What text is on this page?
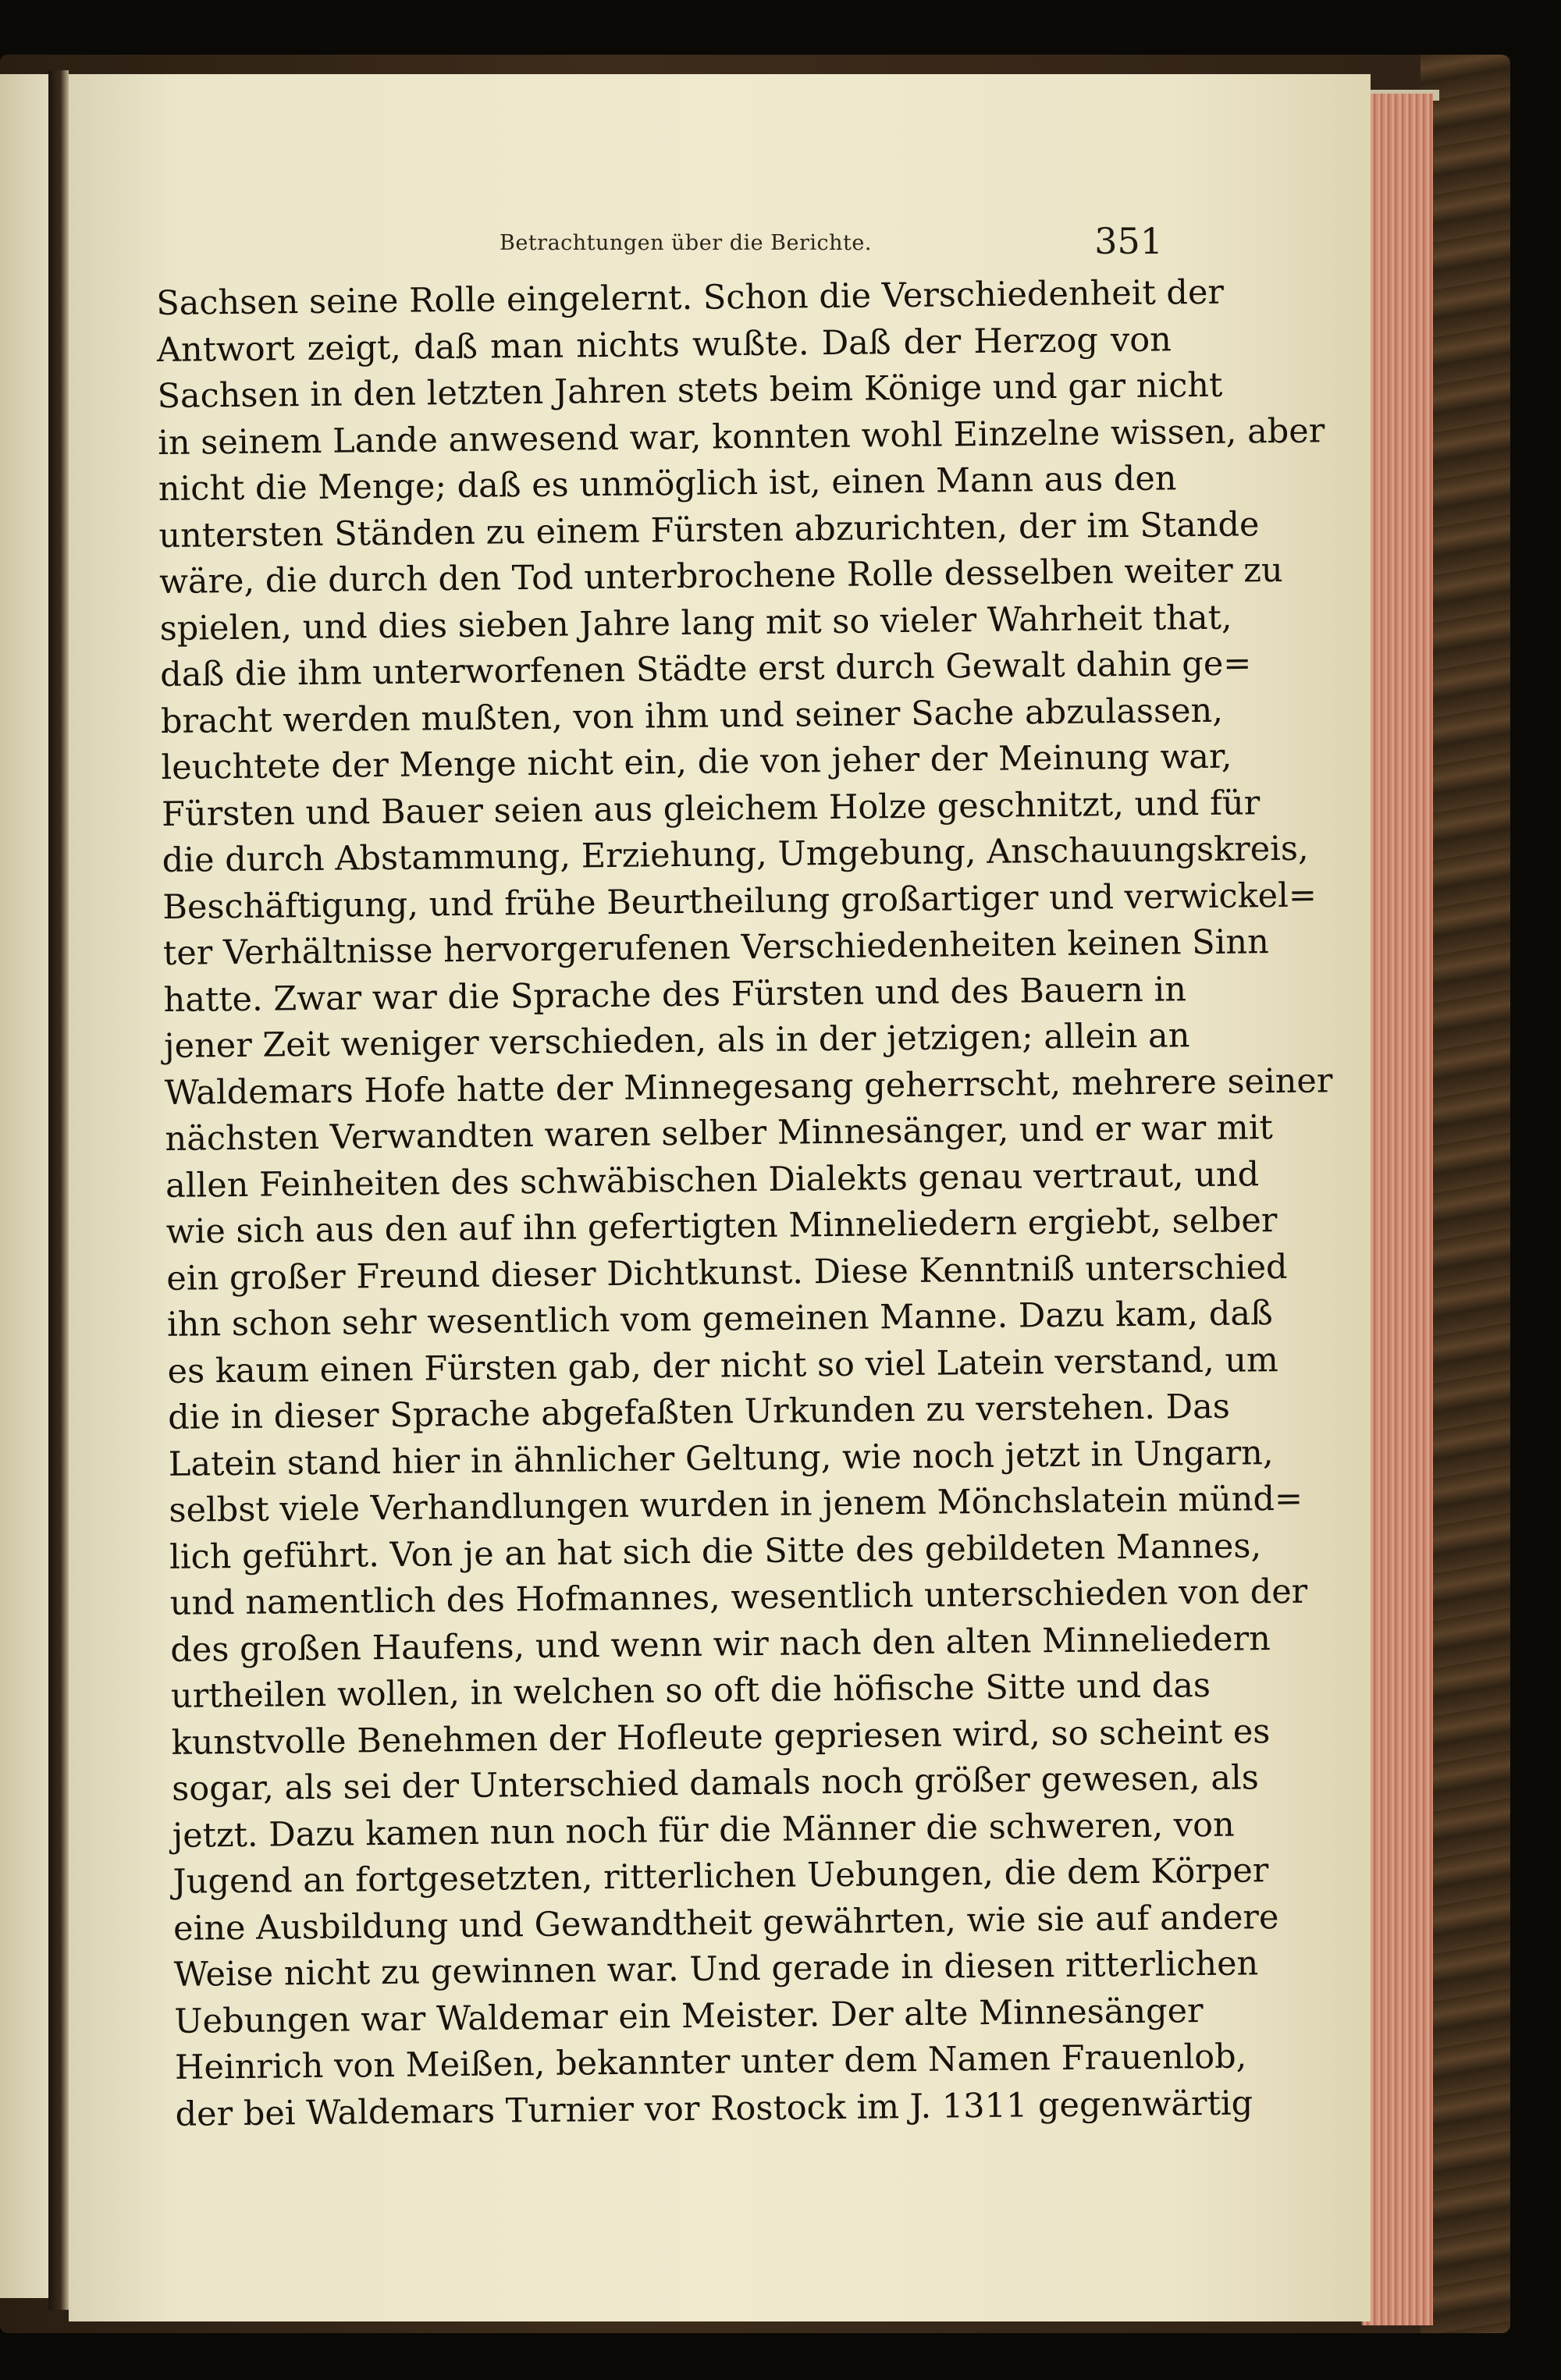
Betrachtungen über die Berichte.	351
Sachsen seine Rolle eingelernt. Schon die Verschiedenheit der
Antwort zeigt, daß man nichts wußte. Daß der Herzog von
Sachsen in den letzten Jahren stets beim Könige und gar nicht
in seinem Lande anwesend war, konnten wohl Einzelne wissen, aber
nicht die Menge; daß es unmöglich ist, einen Mann aus den
untersten Ständen zu einem Fürsten abzurichten, der im Stande
wäre, die durch den Tod unterbrochene Rolle desselben weiter zu
spielen, und dies sieben Jahre lang mit so vieler Wahrheit that,
daß die ihm unterworfenen Städte erst durch Gewalt dahin ge=
bracht werden mußten, von ihm und seiner Sache abzulassen,
leuchtete der Menge nicht ein, die von jeher der Meinung war,
Fürsten und Bauer seien aus gleichem Holze geschnitzt, und für
die durch Abstammung, Erziehung, Umgebung, Anschauungskreis,
Beschäftigung, und frühe Beurtheilung großartiger und verwickel=
ter Verhältnisse hervorgerufenen Verschiedenheiten keinen Sinn
hatte. Zwar war die Sprache des Fürsten und des Bauern in
jener Zeit weniger verschieden, als in der jetzigen; allein an
Waldemars Hofe hatte der Minnegesang geherrscht, mehrere seiner
nächsten Verwandten waren selber Minnesänger, und er war mit
allen Feinheiten des schwäbischen Dialekts genau vertraut, und
wie sich aus den auf ihn gefertigten Minneliedern ergiebt, selber
ein großer Freund dieser Dichtkunst. Diese Kenntniß unterschied
ihn schon sehr wesentlich vom gemeinen Manne. Dazu kam, daß
es kaum einen Fürsten gab, der nicht so viel Latein verstand, um
die in dieser Sprache abgefaßten Urkunden zu verstehen. Das
Latein stand hier in ähnlicher Geltung, wie noch jetzt in Ungarn,
selbst viele Verhandlungen wurden in jenem Mönchslatein münd=
lich geführt. Von je an hat sich die Sitte des gebildeten Mannes,
und namentlich des Hofmannes, wesentlich unterschieden von der
des großen Haufens, und wenn wir nach den alten Minneliedern
urtheilen wollen, in welchen so oft die höfische Sitte und das
kunstvolle Benehmen der Hofleute gepriesen wird, so scheint es
sogar, als sei der Unterschied damals noch größer gewesen, als
jetzt. Dazu kamen nun noch für die Männer die schweren, von
Jugend an fortgesetzten, ritterlichen Uebungen, die dem Körper
eine Ausbildung und Gewandtheit gewährten, wie sie auf andere
Weise nicht zu gewinnen war. Und gerade in diesen ritterlichen
Uebungen war Waldemar ein Meister. Der alte Minnesänger
Heinrich von Meißen, bekannter unter dem Namen Frauenlob,
der bei Waldemars Turnier vor Rostock im J. 1311 gegenwärtig
